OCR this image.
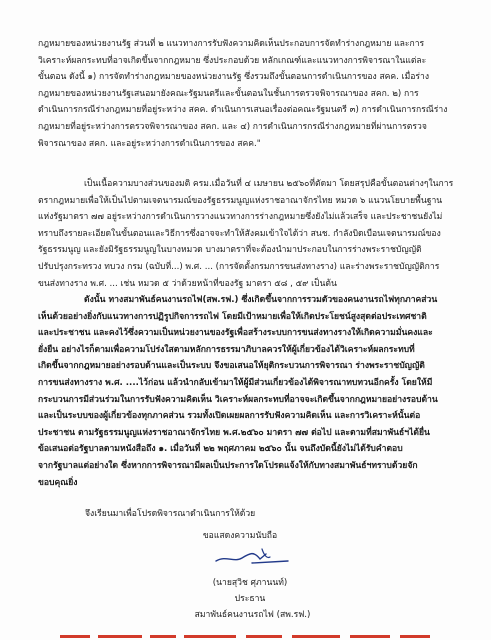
กฎหมายของหน่วยงานรัฐ ส่วนที่ ๒ แนวทางการรับฟังความคิดเห็นประกอบการจัดทำร่างกฎหมาย และการ
วิเคราะห์ผลกระทบที่อาจเกิดขึ้นจากกฎหมาย ซึ่งประกอบด้วย หลักเกณฑ์และแนวทางการพิจารณาในแต่ละ
ขั้นตอน ดังนี้ ๑) การจัดทำร่างกฎหมายของหน่วยงานรัฐ ซึ่งรวมถึงขั้นตอนการดำเนินการของ สคค. เมื่อร่าง
กฎหมายของหน่วยงานรัฐเสนอมายังคณะรัฐมนตรีและขั้นตอนในชั้นการตรวจพิจารณาของ สคก. ๒) การ
ดำเนินการกรณีร่างกฎหมายที่อยู่ระหว่าง สคค. ดำเนินการเสนอเรื่องต่อคณะรัฐมนตรี ๓) การดำเนินการกรณีร่าง
กฎหมายที่อยู่ระหว่างการตรวจพิจารณาของ สคก. และ ๔) การดำเนินการกรณีร่างกฎหมายที่ผ่านการตรวจ
พิจารณาของ สคก. และอยู่ระหว่างการดำเนินการของ สคค."
เป็นเนื้อความบางส่วนของมติ ครม.เมื่อวันที่ ๔ เมษายน ๒๕๖๐ที่ตัดมา โดยสรุปคือขั้นตอนต่างๆในการ
ตรากฎหมายเพื่อให้เป็นไปตามเจตนารมณ์ของรัฐธรรมนูญแห่งราชอาณาจักรไทย หมวด ๖ แนวนโยบายพื้นฐาน
แห่งรัฐมาตรา ๗๗ อยู่ระหว่างการดำเนินการวางแนวทางการร่างกฎหมายซึ่งยังไม่แล้วเสร็จ และประชาชนยังไม่
ทราบถึงรายละเอียดในขั้นตอนและวิธีการซึ่งอาจจะทำให้สังคมเข้าใจได้ว่า สนช. กำลังบิดเบือนเจตนารมณ์ของ
รัฐธรรมนูญ และยังมิรัฐธรรมนูญในบางหมวด บางมาตราที่จะต้องนำมาประกอบในการร่างพระราชบัญญัติ
ปรับปรุงกระทรวง ทบวง กรม (ฉบับที่...) พ.ศ. ... (การจัดตั้งกรมการขนส่งทางราง) และร่างพระราชบัญญัติการ
ขนส่งทางราง พ.ศ. ... เช่น หมวด ๕ ว่าด้วยหน้าที่ของรัฐ มาตรา ๕๘ , ๕๙ เป็นต้น
ดังนั้น ทางสมาพันธ์คนงานรถไฟ(สพ.รฟ.) ซึ่งเกิดขึ้นจากการรวมตัวของคนงานรถไฟทุกภาคส่วน
เห็นด้วยอย่างยิ่งกับแนวทางการปฏิรูปกิจการรถไฟ โดยมีเป้าหมายเพื่อให้เกิดประโยชน์สูงสุดต่อประเทศชาติ
และประชาชน และคงไว้ซึ่งความเป็นหน่วยงานของรัฐเพื่อสร้างระบบการขนส่งทางรางให้เกิดความมั่นคงและ
ยั่งยืน อย่างไรก็ตามเพื่อความโปร่งใสตามหลักการธรรมาภิบาลควรให้ผู้เกี่ยวข้องได้วิเคราะห์ผลกระทบที่
เกิดขึ้นจากกฎหมายอย่างรอบด้านและเป็นระบบ จึงขอเสนอให้ยุติกระบวนการพิจารณา ร่างพระราชบัญญัติ
การขนส่งทางราง พ.ศ. ....ไว้ก่อน แล้วนำกลับเข้ามาให้ผู้มีส่วนเกี่ยวข้องได้พิจารณาทบทวนอีกครั้ง โดยให้มี
กระบวนการมีส่วนร่วมในการรับฟังความคิดเห็น วิเคราะห์ผลกระทบที่อาจจะเกิดขึ้นจากกฎหมายอย่างรอบด้าน
และเป็นระบบของผู้เกี่ยวข้องทุกภาคส่วน รวมทั้งเปิดเผยผลการรับฟังความคิดเห็น และการวิเคราะห์นั้นต่อ
ประชาชน ตามรัฐธรรมนูญแห่งราชอาณาจักรไทย พ.ศ.๒๕๖๐ มาตรา ๗๗ ต่อไป และตามที่สมาพันธ์ฯได้ยื่น
ข้อเสนอต่อรัฐบาลตามหนังสือถึง ๑. เมื่อวันที่ ๒๒ พฤศภาคม ๒๕๖๐ นั้น จนถึงบัดนี้ยังไม่ได้รับคำตอบ
จากรัฐบาลแต่อย่างใด ซึ่งหากการพิจารณามีผลเป็นประการใดโปรดแจ้งให้กับทางสมาพันธ์ฯทราบด้วยจัก
ขอบคุณยิ่ง
จึงเรียนมาเพื่อโปรดพิจารณาดำเนินการให้ด้วย
ขอแสดงความนับถือ
(นายสุวิช ศุภานนท์)
ประธาน
สมาพันธ์คนงานรถไฟ (สพ.รฟ.)
